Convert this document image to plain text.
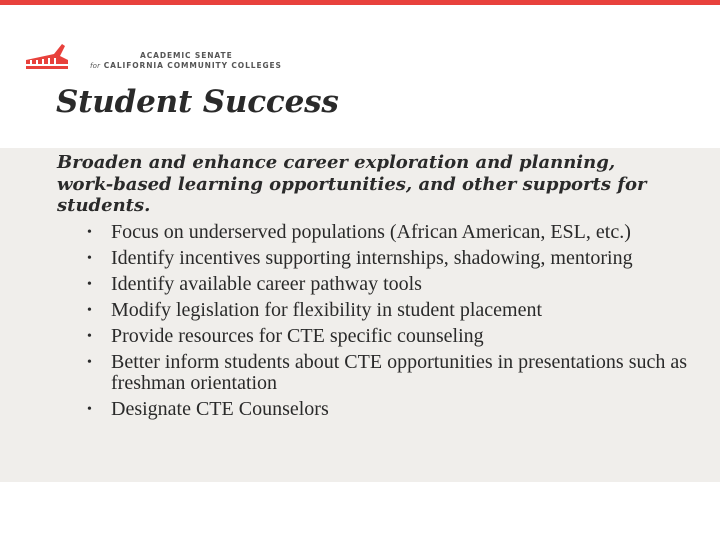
ACADEMIC SENATE
for CALIFORNIA COMMUNITY COLLEGES
Student Success

Broaden and enhance career exploration and planning, work-based learning opportunities, and other supports for students.

• Focus on underserved populations (African American, ESL, etc.)
• Identify incentives supporting internships, shadowing, mentoring
• Identify available career pathway tools
• Modify legislation for flexibility in student placement
• Provide resources for CTE specific counseling
• Better inform students about CTE opportunities in presentations such as freshman orientation
• Designate CTE Counselors
